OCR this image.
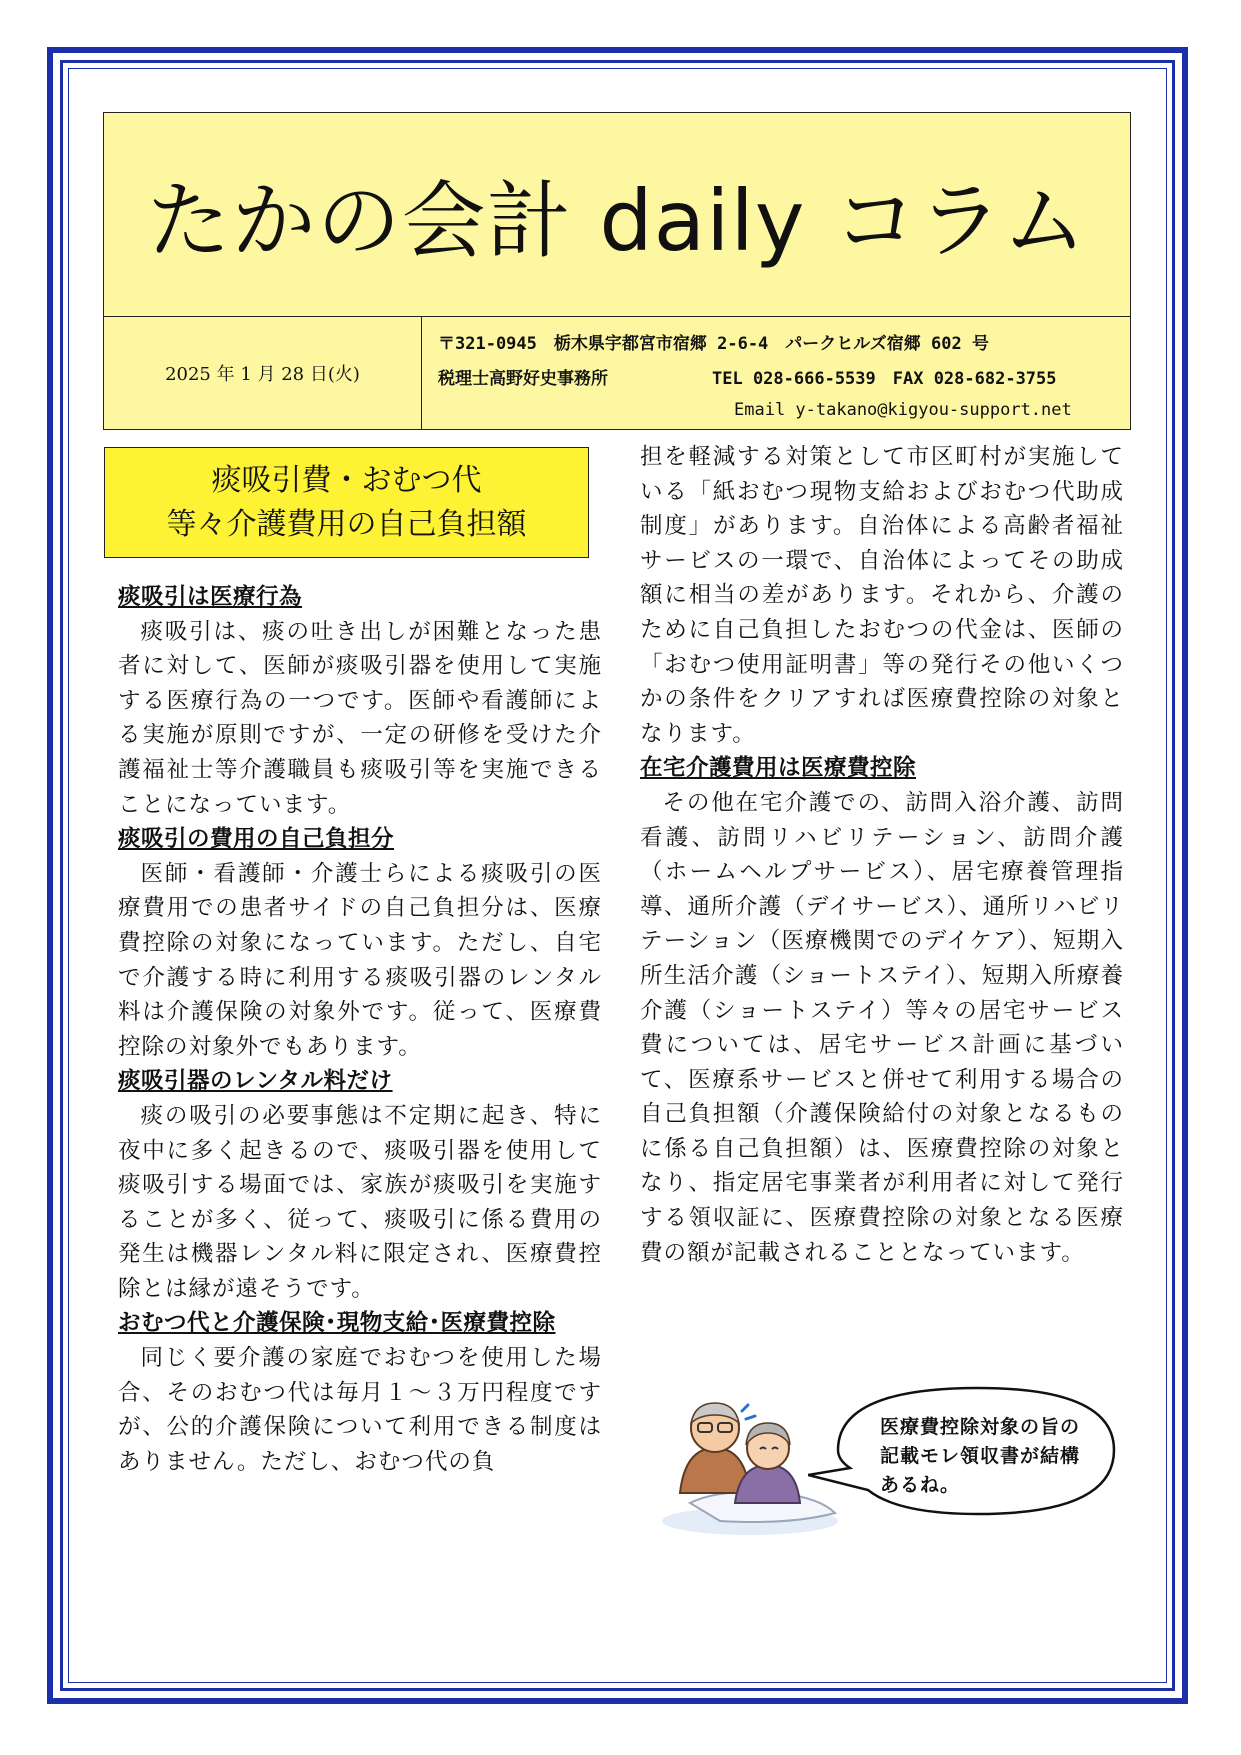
たかの会計 daily コラム
2025 年 1 月 28 日(火)
〒321-0945　栃木県宇都宮市宿郷 2-6-4　パークヒルズ宿郷 602 号
税理士高野好史事務所	TEL 028-666-5539　FAX 028-682-3755
Email y-takano@kigyou-support.net
痰吸引費・おむつ代
等々介護費用の自己負担額
痰吸引は医療行為

痰吸引は、痰の吐き出しが困難となった患者に対して、医師が痰吸引器を使用して実施する医療行為の一つです。医師や看護師による実施が原則ですが、一定の研修を受けた介護福祉士等介護職員も痰吸引等を実施できることになっています。

痰吸引の費用の自己負担分

医師・看護師・介護士らによる痰吸引の医療費用での患者サイドの自己負担分は、医療費控除の対象になっています。ただし、自宅で介護する時に利用する痰吸引器のレンタル料は介護保険の対象外です。従って、医療費控除の対象外でもあります。

痰吸引器のレンタル料だけ

痰の吸引の必要事態は不定期に起き、特に夜中に多く起きるので、痰吸引器を使用して痰吸引する場面では、家族が痰吸引を実施することが多く、従って、痰吸引に係る費用の発生は機器レンタル料に限定され、医療費控除とは縁が遠そうです。

おむつ代と介護保険･現物支給･医療費控除

同じく要介護の家庭でおむつを使用した場合、そのおむつ代は毎月１～３万円程度ですが、公的介護保険について利用できる制度はありません。ただし、おむつ代の負

担を軽減する対策として市区町村が実施している「紙おむつ現物支給およびおむつ代助成制度」があります。自治体による高齢者福祉サービスの一環で、自治体によってその助成額に相当の差があります。それから、介護のために自己負担したおむつの代金は、医師の「おむつ使用証明書」等の発行その他いくつかの条件をクリアすれば医療費控除の対象となります。

在宅介護費用は医療費控除

その他在宅介護での、訪問入浴介護、訪問看護、訪問リハビリテーション、訪問介護（ホームヘルプサービス）、居宅療養管理指導、通所介護（デイサービス）、通所リハビリテーション（医療機関でのデイケア）、短期入所生活介護（ショートステイ）、短期入所療養介護（ショートステイ）等々の居宅サービス費については、居宅サービス計画に基づいて、医療系サービスと併せて利用する場合の自己負担額（介護保険給付の対象となるものに係る自己負担額）は、医療費控除の対象となり、指定居宅事業者が利用者に対して発行する領収証に、医療費控除の対象となる医療費の額が記載されることとなっています。

医療費控除対象の旨の記載モレ領収書が結構あるね。
